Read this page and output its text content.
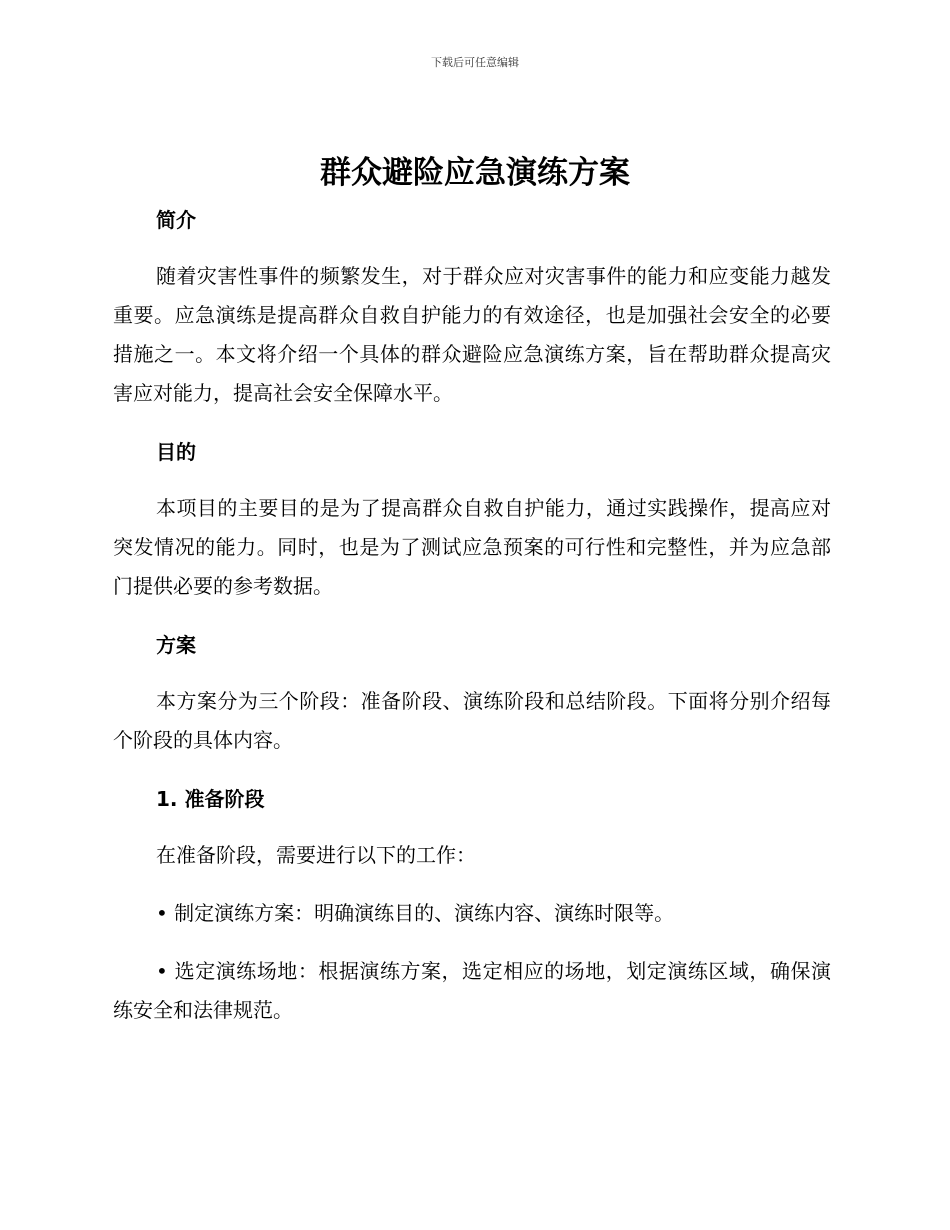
下载后可任意编辑
群众避险应急演练方案
简介

随着灾害性事件的频繁发生，对于群众应对灾害事件的能力和应变能力越发重要。应急演练是提高群众自救自护能力的有效途径，也是加强社会安全的必要措施之一。本文将介绍一个具体的群众避险应急演练方案，旨在帮助群众提高灾害应对能力，提高社会安全保障水平。

目的

本项目的主要目的是为了提高群众自救自护能力，通过实践操作，提高应对突发情况的能力。同时，也是为了测试应急预案的可行性和完整性，并为应急部门提供必要的参考数据。

方案

本方案分为三个阶段：准备阶段、演练阶段和总结阶段。下面将分别介绍每个阶段的具体内容。

1. 准备阶段

在准备阶段，需要进行以下的工作：

• 制定演练方案：明确演练目的、演练内容、演练时限等。

• 选定演练场地：根据演练方案，选定相应的场地，划定演练区域，确保演练安全和法律规范。
